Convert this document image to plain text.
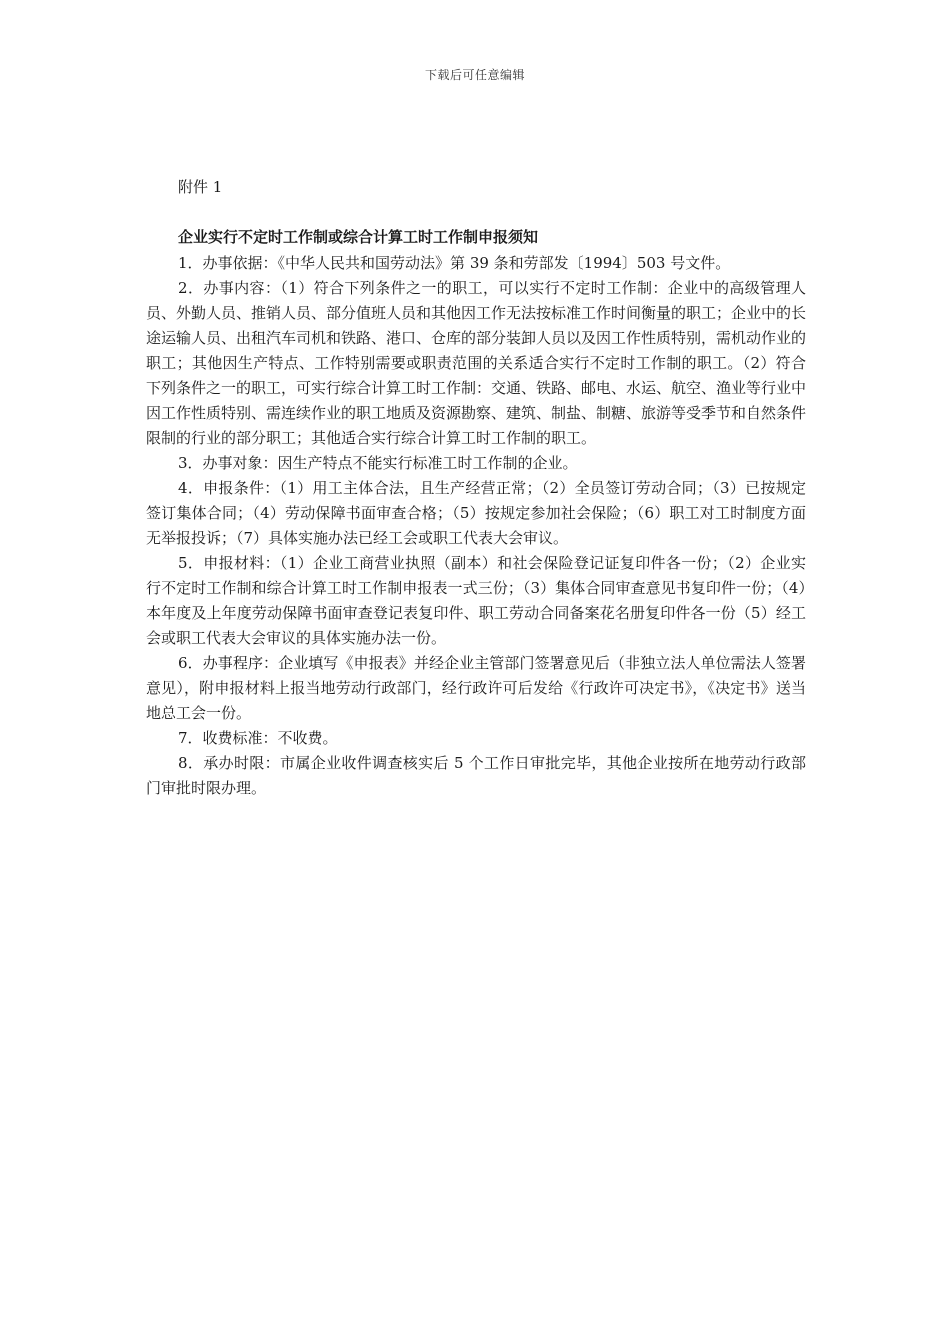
下载后可任意编辑
附件 1
企业实行不定时工作制或综合计算工时工作制申报须知

1．办事依据：《中华人民共和国劳动法》第 39 条和劳部发〔1994〕503 号文件。

2．办事内容：（1）符合下列条件之一的职工，可以实行不定时工作制：企业中的高级管理人员、外勤人员、推销人员、部分值班人员和其他因工作无法按标准工作时间衡量的职工；企业中的长途运输人员、出租汽车司机和铁路、港口、仓库的部分装卸人员以及因工作性质特别，需机动作业的职工；其他因生产特点、工作特别需要或职责范围的关系适合实行不定时工作制的职工。（2）符合下列条件之一的职工，可实行综合计算工时工作制：交通、铁路、邮电、水运、航空、渔业等行业中因工作性质特别、需连续作业的职工地质及资源勘察、建筑、制盐、制糖、旅游等受季节和自然条件限制的行业的部分职工；其他适合实行综合计算工时工作制的职工。

3．办事对象：因生产特点不能实行标准工时工作制的企业。

4．申报条件：（1）用工主体合法，且生产经营正常；（2）全员签订劳动合同；（3）已按规定签订集体合同；（4）劳动保障书面审查合格；（5）按规定参加社会保险；（6）职工对工时制度方面无举报投诉；（7）具体实施办法已经工会或职工代表大会审议。

5．申报材料：（1）企业工商营业执照（副本）和社会保险登记证复印件各一份；（2）企业实行不定时工作制和综合计算工时工作制申报表一式三份；（3）集体合同审查意见书复印件一份；（4）本年度及上年度劳动保障书面审查登记表复印件、职工劳动合同备案花名册复印件各一份（5）经工会或职工代表大会审议的具体实施办法一份。

6．办事程序：企业填写《申报表》并经企业主管部门签署意见后（非独立法人单位需法人签署意见），附申报材料上报当地劳动行政部门，经行政许可后发给《行政许可决定书》，《决定书》送当地总工会一份。

7．收费标准：不收费。

8．承办时限：市属企业收件调查核实后 5 个工作日审批完毕，其他企业按所在地劳动行政部门审批时限办理。
